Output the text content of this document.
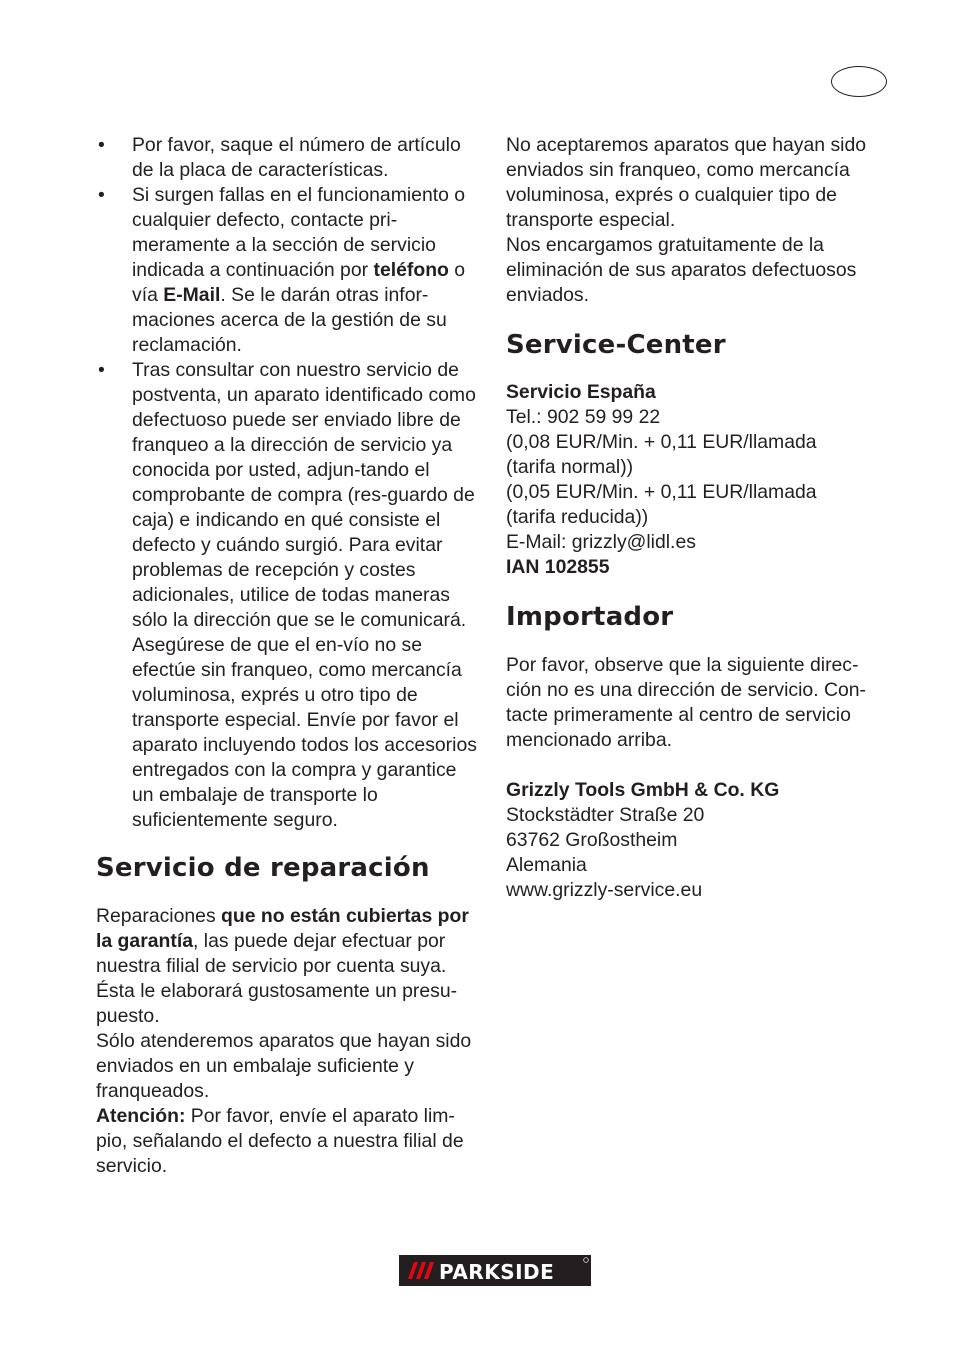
• Por favor, saque el número de artículo de la placa de características.
• Si surgen fallas en el funcionamiento o cualquier defecto, contacte pri-meramente a la sección de servicio indicada a continuación por teléfono o vía E-Mail. Se le darán otras infor-maciones acerca de la gestión de su reclamación.
• Tras consultar con nuestro servicio de postventa, un aparato identificado como defectuoso puede ser enviado libre de franqueo a la dirección de servicio ya conocida por usted, adjun-tando el comprobante de compra (res-guardo de caja) e indicando en qué consiste el defecto y cuándo surgió. Para evitar problemas de recepción y costes adicionales, utilice de todas maneras sólo la dirección que se le comunicará. Asegúrese de que el en-vío no se efectúe sin franqueo, como mercancía voluminosa, exprés u otro tipo de transporte especial. Envíe por favor el aparato incluyendo todos los accesorios entregados con la compra y garantice un embalaje de transporte lo suficientemente seguro.
Servicio de reparación

Reparaciones que no están cubiertas por la garantía, las puede dejar efectuar por nuestra filial de servicio por cuenta suya. Ésta le elaborará gustosamente un presu-puesto.

Sólo atenderemos aparatos que hayan sido enviados en un embalaje suficiente y franqueados.

Atención: Por favor, envíe el aparato lim-pio, señalando el defecto a nuestra filial de servicio.

No aceptaremos aparatos que hayan sido enviados sin franqueo, como mercancía voluminosa, exprés o cualquier tipo de transporte especial.

Nos encargamos gratuitamente de la eliminación de sus aparatos defectuosos enviados.

Service-Center

Servicio España

Tel.: 902 59 99 22

(0,08 EUR/Min. + 0,11 EUR/llamada

(tarifa normal))

(0,05 EUR/Min. + 0,11 EUR/llamada

(tarifa reducida))

E-Mail: grizzly@lidl.es

IAN 102855

Importador

Por favor, observe que la siguiente direc-ción no es una dirección de servicio. Con-tacte primeramente al centro de servicio mencionado arriba.

Grizzly Tools GmbH & Co. KG

Stockstädter Straße 20

63762 Großostheim

Alemania

www.grizzly-service.eu

PARKSIDE
